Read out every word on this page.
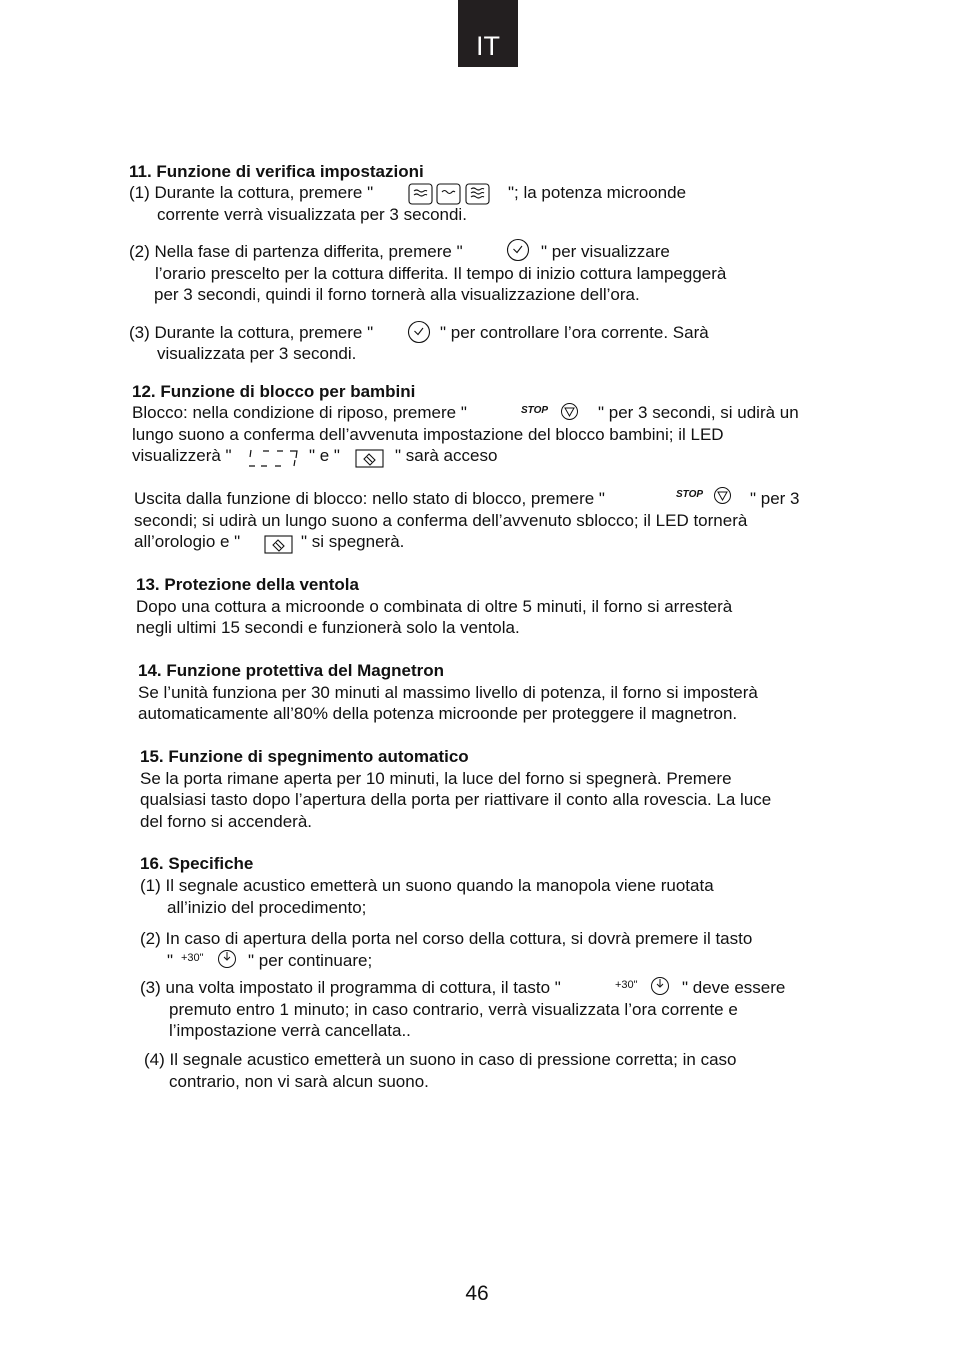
IT
11. Funzione di verifica impostazioni
(1) Durante la cottura, premere "	"; la potenza microonde
corrente verrà visualizzata per 3 secondi.
(2) Nella fase di partenza differita, premere "	" per visualizzare
l’orario prescelto per la cottura differita. Il tempo di inizio cottura lampeggerà
per 3 secondi, quindi il forno tornerà alla visualizzazione dell’ora.
(3) Durante la cottura, premere "	" per controllare l’ora corrente. Sarà
visualizzata per 3 secondi.
12. Funzione di blocco per bambini
Blocco: nella condizione di riposo, premere "	STOP	" per 3 secondi, si udirà un
lungo suono a conferma dell’avvenuta impostazione del blocco bambini; il LED
visualizzerà "	" e "	" sarà acceso
Uscita dalla funzione di blocco: nello stato di blocco, premere "	STOP	" per 3
secondi; si udirà un lungo suono a conferma dell’avvenuto sblocco; il LED tornerà
all’orologio e "	" si spegnerà.
13. Protezione della ventola
Dopo una cottura a microonde o combinata di oltre 5 minuti, il forno si arresterà
negli ultimi 15 secondi e funzionerà solo la ventola.
14. Funzione protettiva del Magnetron
Se l’unità funziona per 30 minuti al massimo livello di potenza, il forno si imposterà
automaticamente all’80% della potenza microonde per proteggere il magnetron.
15. Funzione di spegnimento automatico
Se la porta rimane aperta per 10 minuti, la luce del forno si spegnerà. Premere
qualsiasi tasto dopo l’apertura della porta per riattivare il conto alla rovescia. La luce
del forno si accenderà.
16. Specifiche
(1) Il segnale acustico emetterà un suono quando la manopola viene ruotata
all’inizio del procedimento;
(2) In caso di apertura della porta nel corso della cottura, si dovrà premere il tasto
" +30"	" per continuare;
(3) una volta impostato il programma di cottura, il tasto "	+30"	" deve essere
premuto entro 1 minuto; in caso contrario, verrà visualizzata l’ora corrente e
l’impostazione verrà cancellata..
(4) Il segnale acustico emetterà un suono in caso di pressione corretta; in caso
contrario, non vi sarà alcun suono.
46
